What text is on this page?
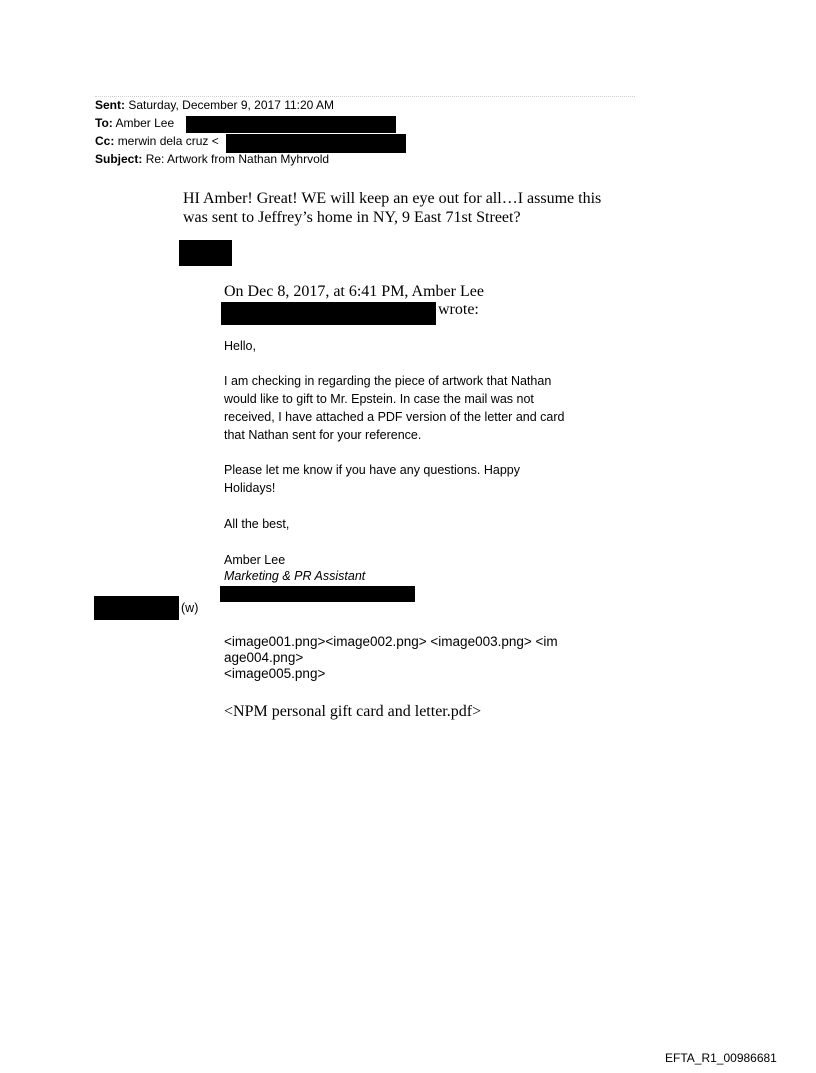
Sent: Saturday, December 9, 2017 11:20 AM
To: Amber Lee
Cc: merwin dela cruz <
Subject: Re: Artwork from Nathan Myhrvold
HI Amber! Great! WE will keep an eye out for all…I assume this
was sent to Jeffrey’s home in NY, 9 East 71st Street?
On Dec 8, 2017, at 6:41 PM, Amber Lee
wrote:
Hello,
I am checking in regarding the piece of artwork that Nathan
would like to gift to Mr. Epstein. In case the mail was not
received, I have attached a PDF version of the letter and card
that Nathan sent for your reference.
Please let me know if you have any questions. Happy
Holidays!
All the best,
Amber Lee
Marketing & PR Assistant
(w)
<image001.png><image002.png> <image003.png> <im
age004.png>
<image005.png>
<NPM personal gift card and letter.pdf>
EFTA_R1_00986681
